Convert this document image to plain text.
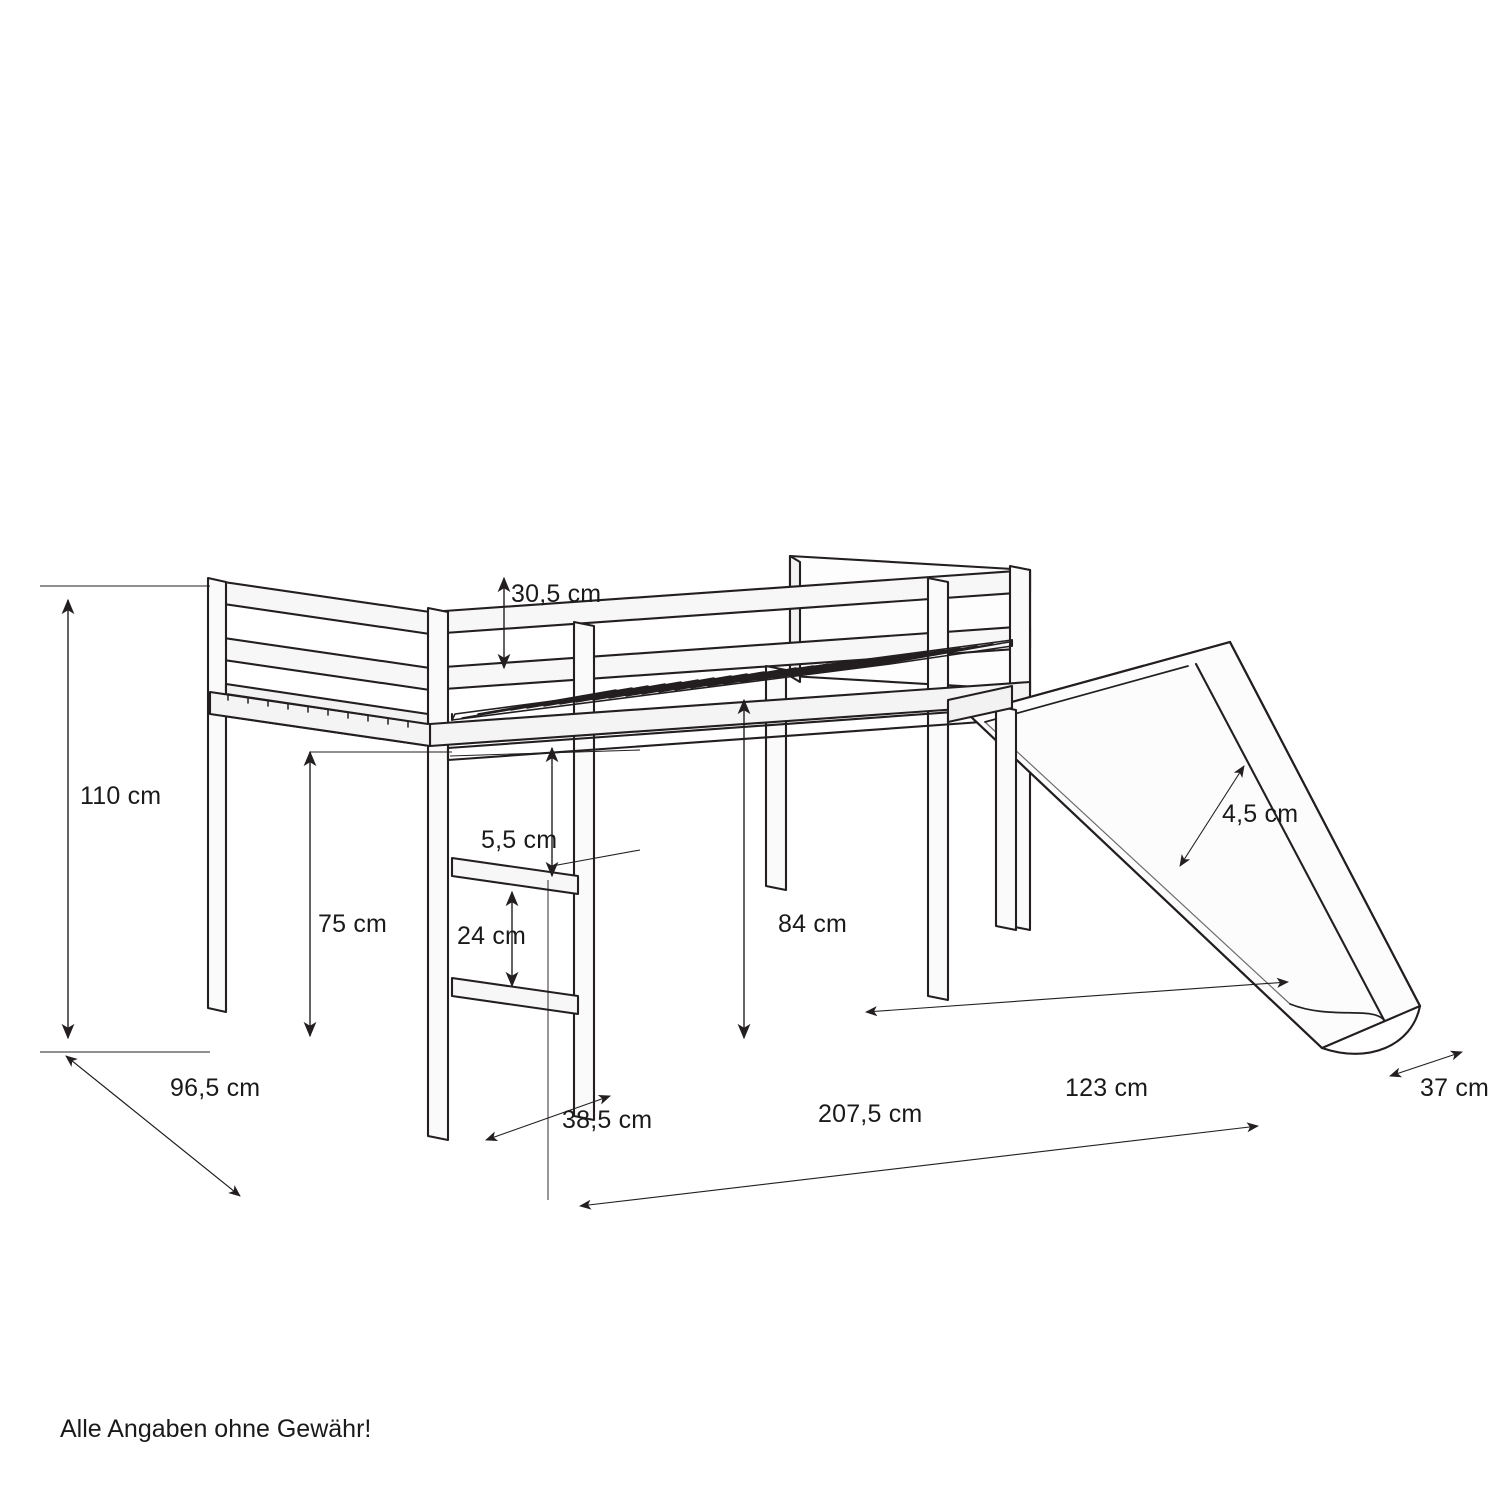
30,5 cm
110 cm
75 cm
5,5 cm
24 cm
4,5 cm
84 cm
96,5 cm
38,5 cm	207,5 cm
123 cm	37 cm
Alle Angaben ohne Gewähr!
